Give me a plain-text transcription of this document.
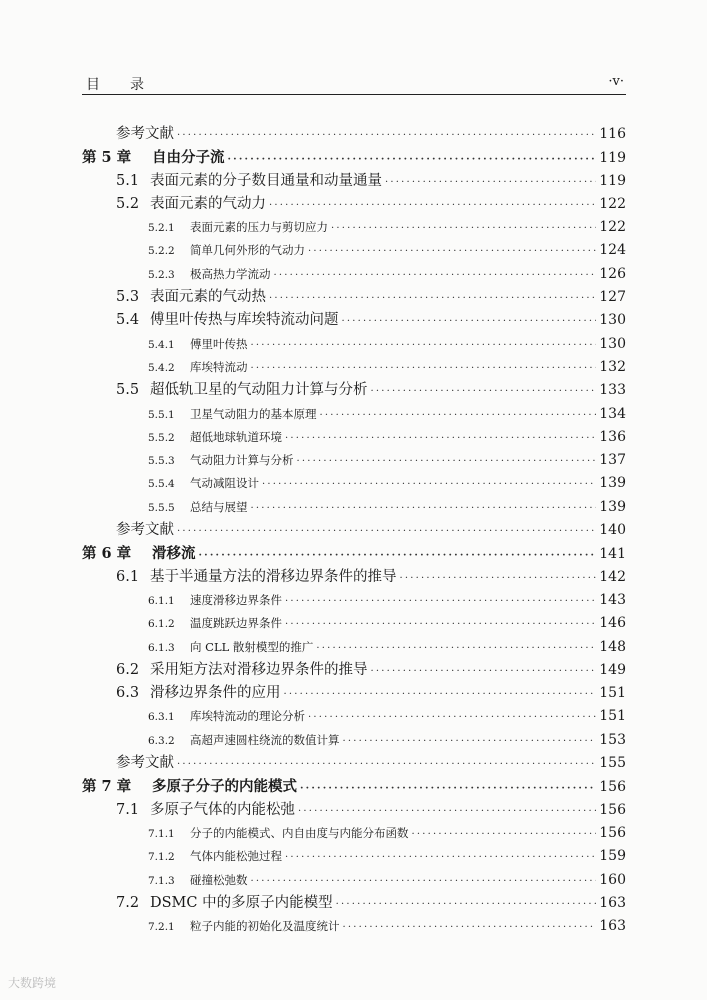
目 录	·v·
参考文献 ·····	116
第 5 章	自由分子流 ·····	119
5.1 表面元素的分子数目通量和动量通量 ·····	119
5.2 表面元素的气动力 ·····	122
5.2.1	表面元素的压力与剪切应力 ·····	122
5.2.2	简单几何外形的气动力 ·····	124
5.2.3	极高热力学流动 ·····	126
5.3 表面元素的气动热 ·····	127
5.4 傅里叶传热与库埃特流动问题 ·····	130
5.4.1	傅里叶传热 ·····	130
5.4.2	库埃特流动 ·····	132
5.5 超低轨卫星的气动阻力计算与分析 ·····	133
5.5.1	卫星气动阻力的基本原理 ·····	134
5.5.2	超低地球轨道环境 ·····	136
5.5.3	气动阻力计算与分析 ·····	137
5.5.4	气动减阻设计 ·····	139
5.5.5	总结与展望 ·····	139
参考文献 ·····	140
第 6 章	滑移流 ·····	141
6.1 基于半通量方法的滑移边界条件的推导 ·····	142
6.1.1	速度滑移边界条件 ·····	143
6.1.2	温度跳跃边界条件 ·····	146
6.1.3	向 CLL 散射模型的推广 ·····	148
6.2 采用矩方法对滑移边界条件的推导 ·····	149
6.3 滑移边界条件的应用 ·····	151
6.3.1	库埃特流动的理论分析 ·····	151
6.3.2	高超声速圆柱绕流的数值计算 ·····	153
参考文献 ·····	155
第 7 章	多原子分子的内能模式 ·····	156
7.1 多原子气体的内能松弛 ·····	156
7.1.1	分子的内能模式、内自由度与内能分布函数 ·····	156
7.1.2	气体内能松弛过程 ·····	159
7.1.3	碰撞松弛数 ·····	160
7.2 DSMC 中的多原子内能模型 ·····	163
7.2.1	粒子内能的初始化及温度统计 ·····	163
大数跨境
